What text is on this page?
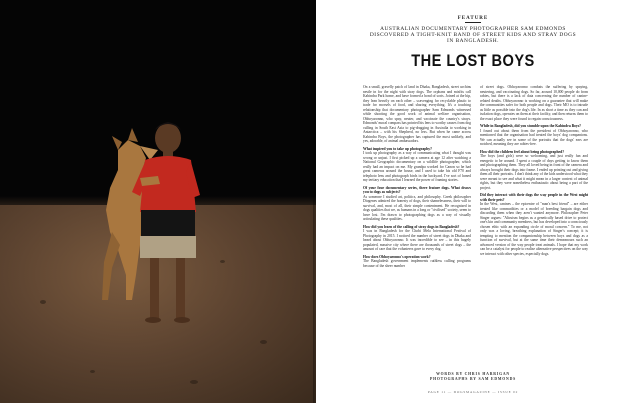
FEATURE
AUSTRALIAN DOCUMENTARY PHOTOGRAPHER SAM EDMONDS DISCOVERED A TIGHT-KNIT BAND OF STREET KIDS AND STRAY DOGS IN BANGLADESH.
THE LOST BOYS

On a small, gravelly patch of land in Dhaka, Bangladesh, street urchins nestle in for the night with stray dogs. The orphans and misfits call Kabindra Park home, and have formed a bond of sorts. Joined at the hip, they lean heavily on each other – scavenging for recyclable plastic to trade for morsels of food, and sharing everything. It's a touching relationship that documentary photographer Sam Edmonds witnessed while shooting the good work of animal welfare organisation, Obhoyaronno, who spay, neuter, and vaccinate the country's strays. Edmonds' moral compass has pointed his lens to worthy causes from dog culling in South East Asia to pig-dragging in Australia to working in Antarctica – with his Shepherd, no less. But when he came across Kabindra Boys, the photographer has captured the most unlikely, and yes, adorable, of animal ambassadors.

What inspired you to take up photography?

I took up photography as a way of communicating what I thought was wrong or unjust. I first picked up a camera at age 12 after watching a National Geographic documentary on a wildlife photographer, which really had an impact on me. My grandpa worked for Canon so he had great cameras around the house, and I used to take his old F70 and telephoto lens and photograph birds in the backyard. I've sort of honed my tertiary education that I learned the power of framing stories.

Of your four documentary series, three feature dogs. What draws you to dogs as subjects?

As someone I studied art, politics, and philosophy. Greek philosopher Diogenes admired the honesty of dogs, their shamelessness, their will to survival, and, most of all, their simple contentment. He recognised in dogs qualities that we, as humans in a long or "civilised" society, seem to have lost. I'm drawn to photographing dogs as a way of visually articulating these qualities.

How did you learn of the calling of stray dogs in Bangladesh?

I was in Bangladesh for the Chobi Mela International Festival of Photography in 2015. I noticed the number of street dogs in Dhaka and heard about Obhoyaronno. It was incredible to see – in this hugely populated, massive city where there are thousands of street dogs – the amount of care that the volunteers gave to every dog.

How does Obhoyaronno's operation work?

The Bangladesh government implements ruthless culling programs because of the sheer number

of street dogs. Obhoyaronno combats the suffering by spaying, neutering, and vaccinating dogs. So far, around 10,000 people do from rabies, but there is a lack of data concerning the number of canine-related deaths. Obhoyaronno is working on a guarantee that will make the communities safer for both people and dogs. Their MO is to intrude as little as possible into the dog's life. In as short a time as they can and isolation dogs, operates on them at their facility, and then returns them to the exact place they were found to regain consciousness.

While in Bangladesh, did you stumble upon the Kabindra Boys?

I found out about them from the president of Obhoyaronno, who mentioned that the organisation had treated the boys' dog companions. We can actually see in some of the portraits that the dogs' ears are notched, meaning they are rabies-free.

How did the children feel about being photographed?

The boys (and girls) were so welcoming, and just really fun and energetic to be around. I spent a couple of days getting to know them and photographing them. They all loved being in front of the camera and always brought their dogs into frame. I ended up printing out and giving them all their portraits. I don't think any of the kids understood what they were meant to see and what it might mean in a larger context of animal rights, but they were nonetheless enthusiastic about being a part of the project.

Did they interact with their dogs the way people in the West might with their pets?

In the West, canines – the epicentre of "man's best friend" – are either treated like commodities or a model of breeding bargain dogs and discarding them when they aren't wanted anymore. Philosopher Peter Singer argues: "Altruism begins as a genetically based drive to protect one's kin and community members, but has developed into a consciously chosen ethic with an expanding circle of moral concern." To me, not only was a loving, breathing explanation of Singer's concept; it is tempting to mention the companionship between boys and dogs as a function of survival, but at the same time their demeanours such an advanced version of the way people treat animals. I hope that my work can be a catalyst for people to realise alternative perspectives on the way we interact with other species, especially dogs.

WORDS BY CHRIS HARRIGAN
PHOTOGRAPHS BY SAM EDMONDS
PAGE 11 — DOGSMAGAZINE — ISSUE 02
